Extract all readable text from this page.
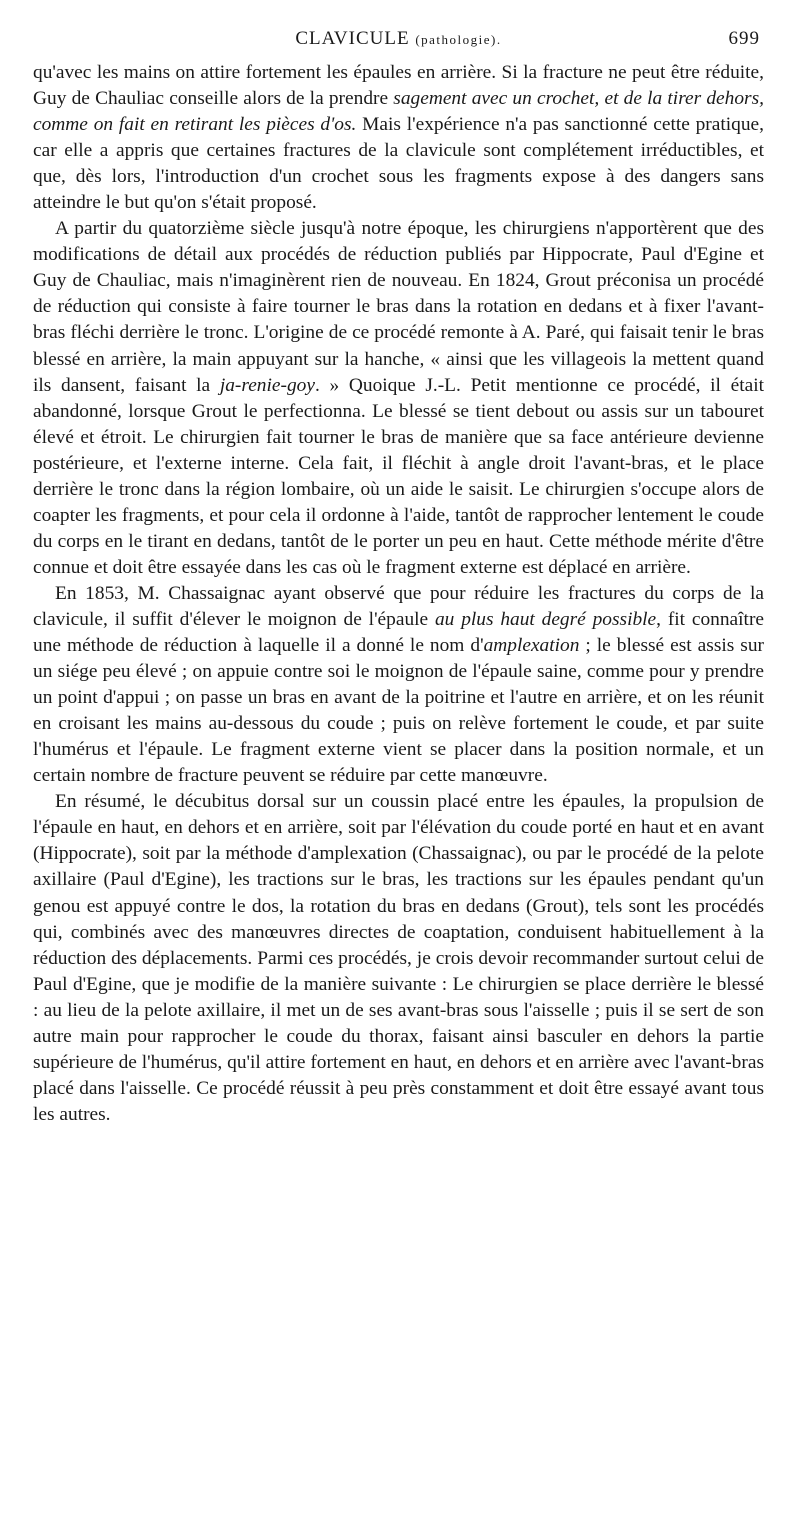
CLAVICULE (pathologie).	699

qu'avec les mains on attire fortement les épaules en arrière. Si la fracture ne peut être réduite, Guy de Chauliac conseille alors de la prendre sagement avec un crochet, et de la tirer dehors, comme on fait en retirant les pièces d'os. Mais l'expérience n'a pas sanctionné cette pratique, car elle a appris que certaines fractures de la clavicule sont complétement irréductibles, et que, dès lors, l'introduction d'un crochet sous les fragments expose à des dangers sans atteindre le but qu'on s'était proposé.

A partir du quatorzième siècle jusqu'à notre époque, les chirurgiens n'apportèrent que des modifications de détail aux procédés de réduction publiés par Hippocrate, Paul d'Egine et Guy de Chauliac, mais n'imaginèrent rien de nouveau. En 1824, Grout préconisa un procédé de réduction qui consiste à faire tourner le bras dans la rotation en dedans et à fixer l'avant-bras fléchi derrière le tronc. L'origine de ce procédé remonte à A. Paré, qui faisait tenir le bras blessé en arrière, la main appuyant sur la hanche, « ainsi que les villageois la mettent quand ils dansent, faisant la ja-renie-goy. » Quoique J.-L. Petit mentionne ce procédé, il était abandonné, lorsque Grout le perfectionna. Le blessé se tient debout ou assis sur un tabouret élevé et étroit. Le chirurgien fait tourner le bras de manière que sa face antérieure devienne postérieure, et l'externe interne. Cela fait, il fléchit à angle droit l'avant-bras, et le place derrière le tronc dans la région lombaire, où un aide le saisit. Le chirurgien s'occupe alors de coapter les fragments, et pour cela il ordonne à l'aide, tantôt de rapprocher lentement le coude du corps en le tirant en dedans, tantôt de le porter un peu en haut. Cette méthode mérite d'être connue et doit être essayée dans les cas où le fragment externe est déplacé en arrière.

En 1853, M. Chassaignac ayant observé que pour réduire les fractures du corps de la clavicule, il suffit d'élever le moignon de l'épaule au plus haut degré possible, fit connaître une méthode de réduction à laquelle il a donné le nom d'amplexation ; le blessé est assis sur un siége peu élevé ; on appuie contre soi le moignon de l'épaule saine, comme pour y prendre un point d'appui ; on passe un bras en avant de la poitrine et l'autre en arrière, et on les réunit en croisant les mains au-dessous du coude ; puis on relève fortement le coude, et par suite l'humérus et l'épaule. Le fragment externe vient se placer dans la position normale, et un certain nombre de fracture peuvent se réduire par cette manœuvre.

En résumé, le décubitus dorsal sur un coussin placé entre les épaules, la propulsion de l'épaule en haut, en dehors et en arrière, soit par l'élévation du coude porté en haut et en avant (Hippocrate), soit par la méthode d'amplexation (Chassaignac), ou par le procédé de la pelote axillaire (Paul d'Egine), les tractions sur le bras, les tractions sur les épaules pendant qu'un genou est appuyé contre le dos, la rotation du bras en dedans (Grout), tels sont les procédés qui, combinés avec des manœuvres directes de coaptation, conduisent habituellement à la réduction des déplacements. Parmi ces procédés, je crois devoir recommander surtout celui de Paul d'Egine, que je modifie de la manière suivante : Le chirurgien se place derrière le blessé : au lieu de la pelote axillaire, il met un de ses avant-bras sous l'aisselle ; puis il se sert de son autre main pour rapprocher le coude du thorax, faisant ainsi basculer en dehors la partie supérieure de l'humérus, qu'il attire fortement en haut, en dehors et en arrière avec l'avant-bras placé dans l'aisselle. Ce procédé réussit à peu près constamment et doit être essayé avant tous les autres.
